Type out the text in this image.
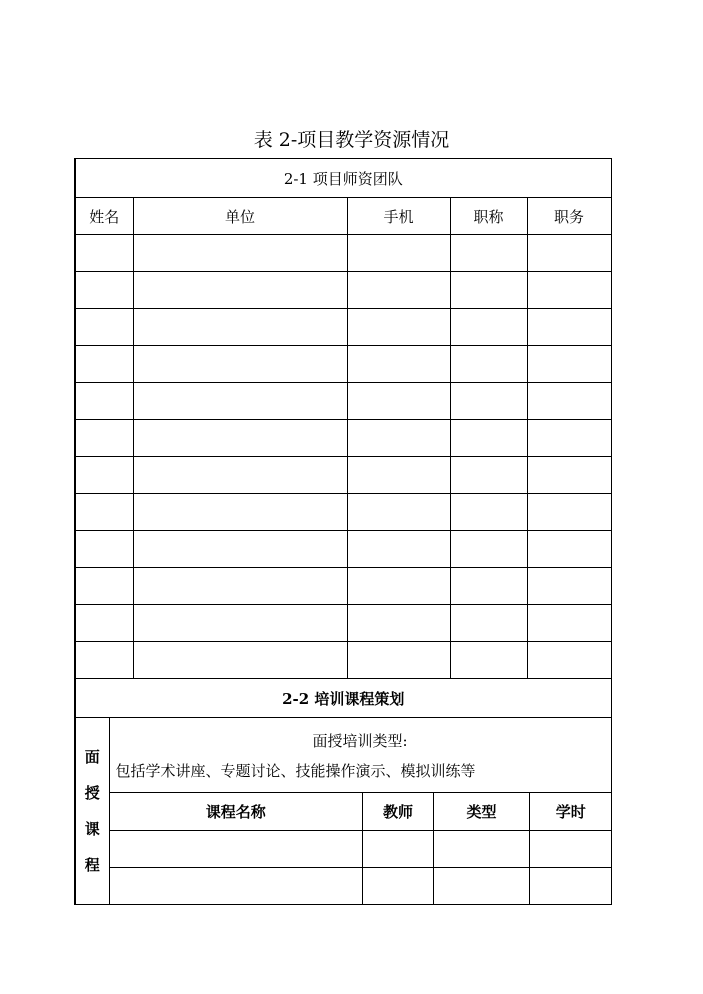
表 2-项目教学资源情况
2-1 项目师资团队
姓名	单位	手机	职称	职务

2-2 培训课程策划

面
授
课
程

面授培训类型:
包括学术讲座、专题讨论、技能操作演示、模拟训练等

课程名称	教师	类型	学时
